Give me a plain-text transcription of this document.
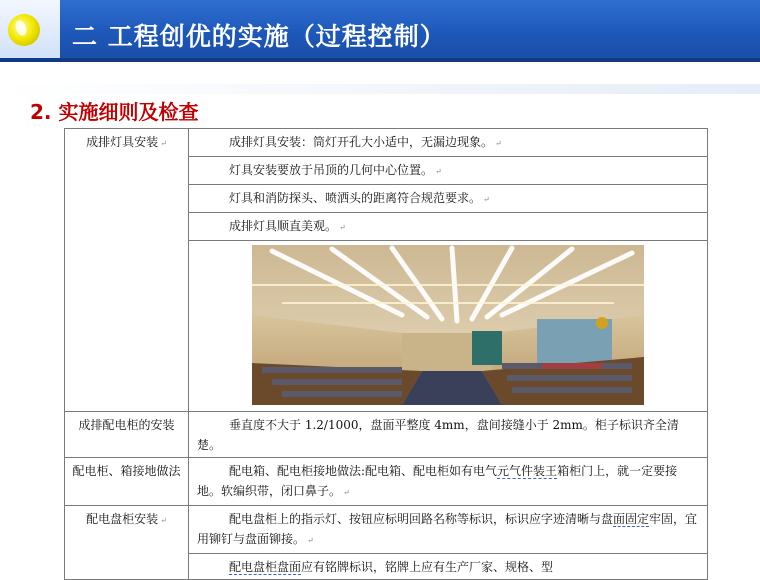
二 工程创优的实施（过程控制）
2. 实施细则及检查
成排灯具安装 ↵	成排灯具安装：筒灯开孔大小适中，无漏边现象。 ↵
	灯具安装要放于吊顶的几何中心位置。 ↵
	灯具和消防探头、喷洒头的距离符合规范要求。 ↵
	成排灯具顺直美观。 ↵

成排配电柜的安装	垂直度不大于 1.2/1000，盘面平整度 4mm，盘间接缝小于 2mm。柜子标识齐全清楚。
配电柜、箱接地做法	配电箱、配电柜接地做法:配电箱、配电柜如有电气元气件装王箱柜门上，就一定要接地。软编织带，闭口鼻子。 ↵
配电盘柜安装 ↵	配电盘柜上的指示灯、按钮应标明回路名称等标识，标识应字迹清晰与盘面固定牢固，宜用铆钉与盘面铆接。 ↵
	配电盘柜盘面应有铭牌标识，铭牌上应有生产厂家、规格、型
